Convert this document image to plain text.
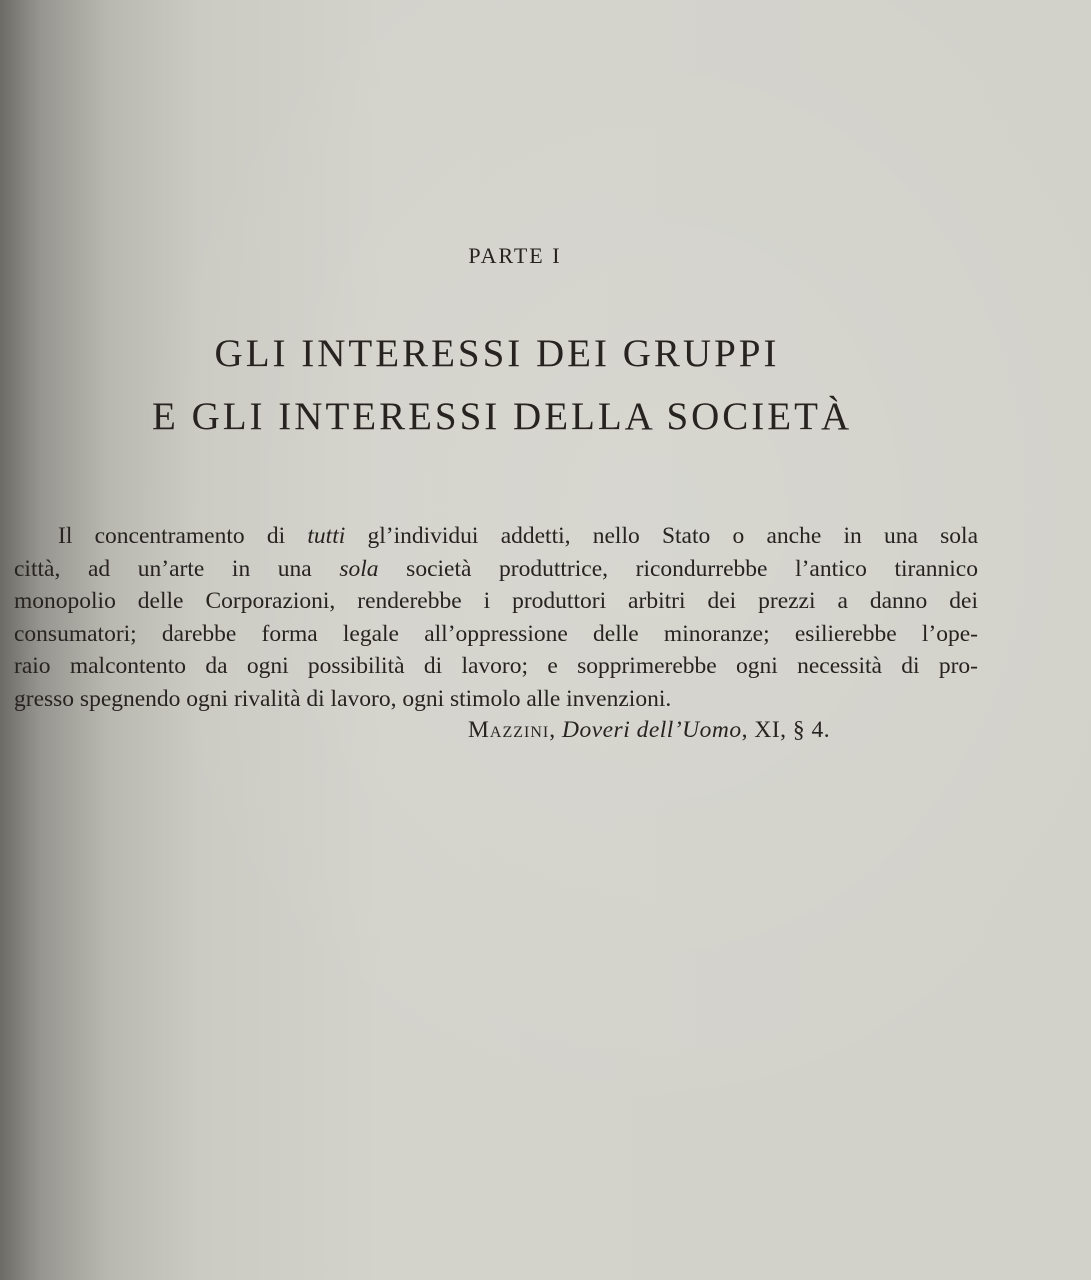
PARTE I
GLI INTERESSI DEI GRUPPI
E GLI INTERESSI DELLA SOCIETÀ

Il concentramento di tutti gl’individui addetti, nello Stato o anche in una sola
città, ad un’arte in una sola società produttrice, ricondurrebbe l’antico tirannico
monopolio delle Corporazioni, renderebbe i produttori arbitri dei prezzi a danno dei
consumatori; darebbe forma legale all’oppressione delle minoranze; esilierebbe l’ope-
raio malcontento da ogni possibilità di lavoro; e sopprimerebbe ogni necessità di pro-
gresso spegnendo ogni rivalità di lavoro, ogni stimolo alle invenzioni.

Mazzini, Doveri dell’Uomo, XI, § 4.
